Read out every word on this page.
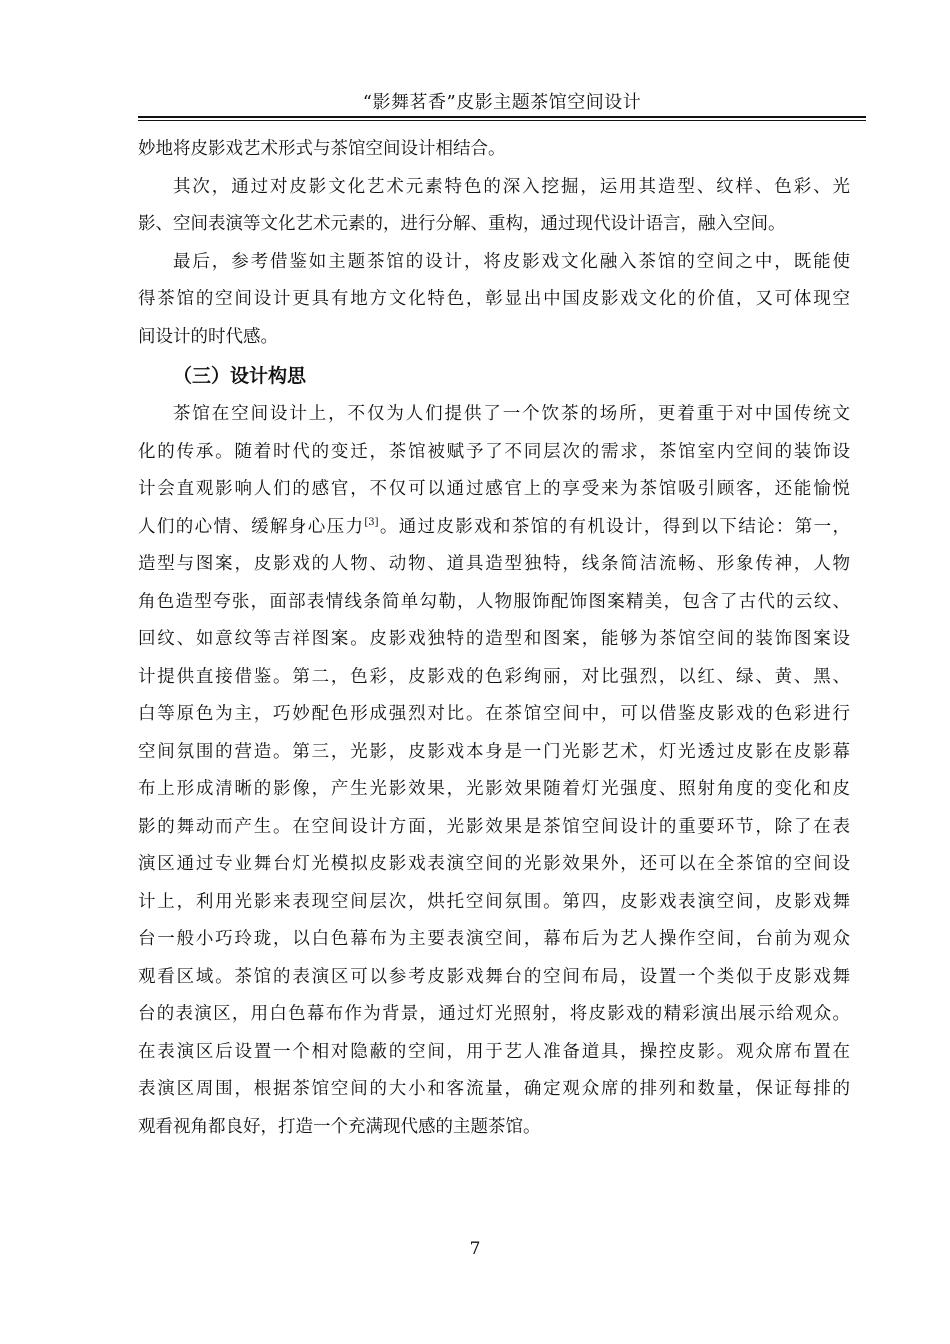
“影舞茗香”皮影主题茶馆空间设计
妙地将皮影戏艺术形式与茶馆空间设计相结合。
其次，通过对皮影文化艺术元素特色的深入挖掘，运用其造型、纹样、色彩、光
影、空间表演等文化艺术元素的，进行分解、重构，通过现代设计语言，融入空间。
最后，参考借鉴如主题茶馆的设计，将皮影戏文化融入茶馆的空间之中，既能使
得茶馆的空间设计更具有地方文化特色，彰显出中国皮影戏文化的价值，又可体现空
间设计的时代感。
（三）设计构思
茶馆在空间设计上，不仅为人们提供了一个饮茶的场所，更着重于对中国传统文
化的传承。随着时代的变迁，茶馆被赋予了不同层次的需求，茶馆室内空间的装饰设
计会直观影响人们的感官，不仅可以通过感官上的享受来为茶馆吸引顾客，还能愉悦
人们的心情、缓解身心压力[3]。通过皮影戏和茶馆的有机设计，得到以下结论：第一，
造型与图案，皮影戏的人物、动物、道具造型独特，线条简洁流畅、形象传神，人物
角色造型夸张，面部表情线条简单勾勒，人物服饰配饰图案精美，包含了古代的云纹、
回纹、如意纹等吉祥图案。皮影戏独特的造型和图案，能够为茶馆空间的装饰图案设
计提供直接借鉴。第二，色彩，皮影戏的色彩绚丽，对比强烈，以红、绿、黄、黑、
白等原色为主，巧妙配色形成强烈对比。在茶馆空间中，可以借鉴皮影戏的色彩进行
空间氛围的营造。第三，光影，皮影戏本身是一门光影艺术，灯光透过皮影在皮影幕
布上形成清晰的影像，产生光影效果，光影效果随着灯光强度、照射角度的变化和皮
影的舞动而产生。在空间设计方面，光影效果是茶馆空间设计的重要环节，除了在表
演区通过专业舞台灯光模拟皮影戏表演空间的光影效果外，还可以在全茶馆的空间设
计上，利用光影来表现空间层次，烘托空间氛围。第四，皮影戏表演空间，皮影戏舞
台一般小巧玲珑，以白色幕布为主要表演空间，幕布后为艺人操作空间，台前为观众
观看区域。茶馆的表演区可以参考皮影戏舞台的空间布局，设置一个类似于皮影戏舞
台的表演区，用白色幕布作为背景，通过灯光照射，将皮影戏的精彩演出展示给观众。
在表演区后设置一个相对隐蔽的空间，用于艺人准备道具，操控皮影。观众席布置在
表演区周围，根据茶馆空间的大小和客流量，确定观众席的排列和数量，保证每排的
观看视角都良好，打造一个充满现代感的主题茶馆。
7
